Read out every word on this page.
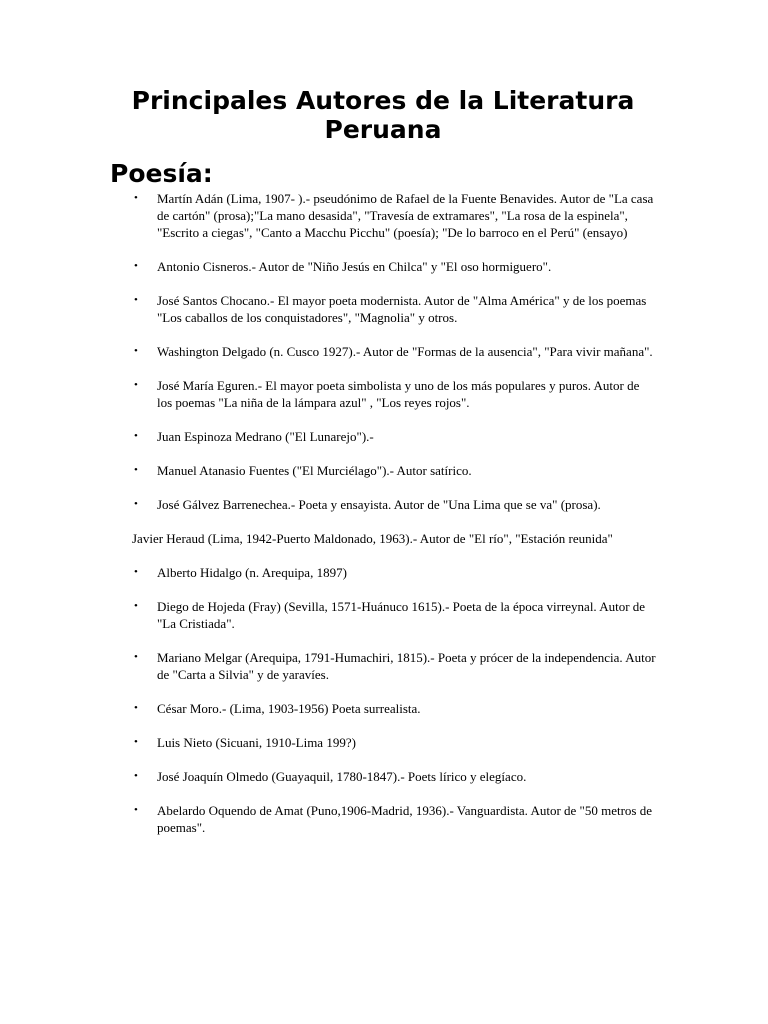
Principales Autores de la Literatura Peruana
Poesía:
• Martín Adán (Lima, 1907- ).- pseudónimo de Rafael de la Fuente Benavides. Autor de "La casa de cartón" (prosa);"La mano desasida", "Travesía de extramares", "La rosa de la espinela", "Escrito a ciegas", "Canto a Macchu Picchu" (poesía); "De lo barroco en el Perú" (ensayo)
• Antonio Cisneros.- Autor de "Niño Jesús en Chilca" y "El oso hormiguero".
• José Santos Chocano.- El mayor poeta modernista. Autor de "Alma América" y de los poemas "Los caballos de los conquistadores", "Magnolia" y otros.
• Washington Delgado (n. Cusco 1927).- Autor de "Formas de la ausencia", "Para vivir mañana".
• José María Eguren.- El mayor poeta simbolista y uno de los más populares y puros. Autor de los poemas "La niña de la lámpara azul" , "Los reyes rojos".
• Juan Espinoza Medrano ("El Lunarejo").-
• Manuel Atanasio Fuentes ("El Murciélago").- Autor satírico.
• José Gálvez Barrenechea.- Poeta y ensayista. Autor de "Una Lima que se va" (prosa).

Javier Heraud (Lima, 1942-Puerto Maldonado, 1963).- Autor de "El río", "Estación reunida"

• Alberto Hidalgo (n. Arequipa, 1897)
• Diego de Hojeda (Fray) (Sevilla, 1571-Huánuco 1615).- Poeta de la época virreynal. Autor de "La Cristiada".
• Mariano Melgar (Arequipa, 1791-Humachiri, 1815).- Poeta y prócer de la independencia. Autor de "Carta a Silvia" y de yaravíes.
• César Moro.- (Lima, 1903-1956) Poeta surrealista.
• Luis Nieto (Sicuani, 1910-Lima 199?)
• José Joaquín Olmedo (Guayaquil, 1780-1847).- Poets lírico y elegíaco.
• Abelardo Oquendo de Amat (Puno,1906-Madrid, 1936).- Vanguardista. Autor de "50 metros de poemas".
